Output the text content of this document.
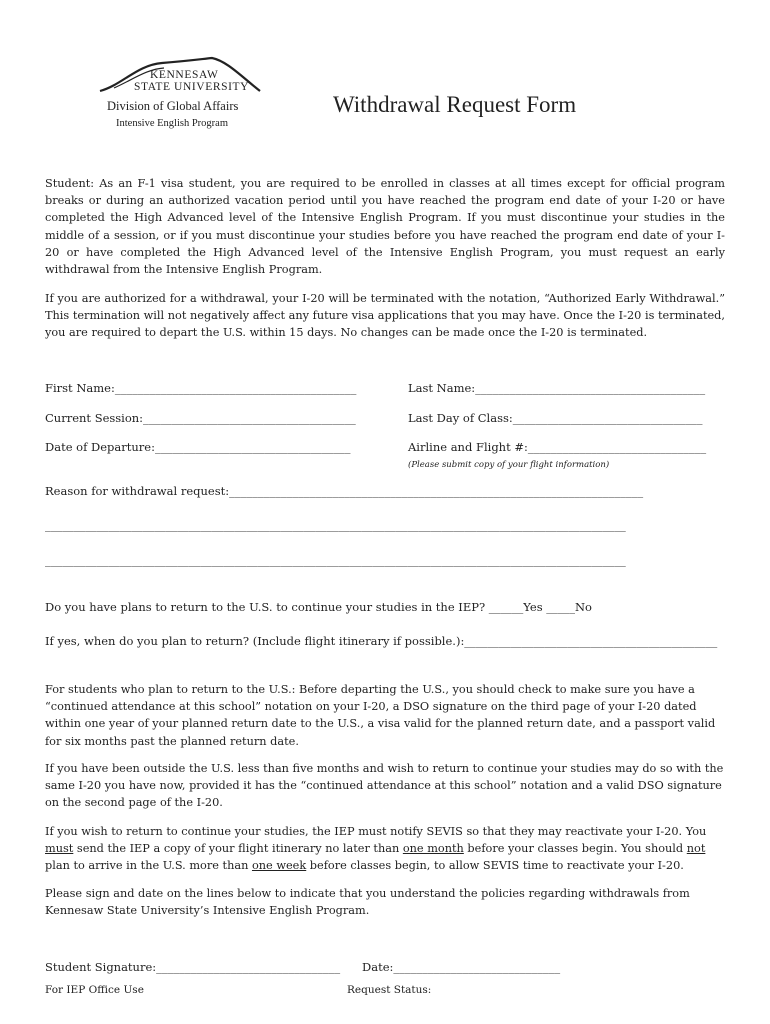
KENNESAW
STATE UNIVERSITY
Division of Global Affairs
Intensive English Program
Withdrawal Request Form

Student: As an F-1 visa student, you are required to be enrolled in classes at all times except for official program breaks or during an authorized vacation period until you have reached the program end date of your I-20 or have completed the High Advanced level of the Intensive English Program. If you must discontinue your studies in the middle of a session, or if you must discontinue your studies before you have reached the program end date of your I-20 or have completed the High Advanced level of the Intensive English Program, you must request an early withdrawal from the Intensive English Program.

If you are authorized for a withdrawal, your I-20 will be terminated with the notation, “Authorized Early Withdrawal.” This termination will not negatively affect any future visa applications that you may have. Once the I-20 is terminated, you are required to depart the U.S. within 15 days. No changes can be made once the I-20 is terminated.

First Name:__________________________________________	Last Name:________________________________________
Current Session:_____________________________________	Last Day of Class:_________________________________
Date of Departure:__________________________________	Airline and Flight #:_______________________________
(Please submit copy of your flight information)
Reason for withdrawal request:________________________________________________________________________
_____________________________________________________________________________________________________
_____________________________________________________________________________________________________
Do you have plans to return to the U.S. to continue your studies in the IEP? ______Yes _____No
If yes, when do you plan to return? (Include flight itinerary if possible.):____________________________________________

For students who plan to return to the U.S.: Before departing the U.S., you should check to make sure you have a “continued attendance at this school” notation on your I-20, a DSO signature on the third page of your I-20 dated within one year of your planned return date to the U.S., a visa valid for the planned return date, and a passport valid for six months past the planned return date.

If you have been outside the U.S. less than five months and wish to return to continue your studies may do so with the same I-20 you have now, provided it has the “continued attendance at this school” notation and a valid DSO signature on the second page of the I-20.

If you wish to return to continue your studies, the IEP must notify SEVIS so that they may reactivate your I-20. You must send the IEP a copy of your flight itinerary no later than one month before your classes begin. You should not plan to arrive in the U.S. more than one week before classes begin, to allow SEVIS time to reactivate your I-20.

Please sign and date on the lines below to indicate that you understand the policies regarding withdrawals from Kennesaw State University’s Intensive English Program.

Student Signature:________________________________ Date:_____________________________
For IEP Office Use	Request Status:
